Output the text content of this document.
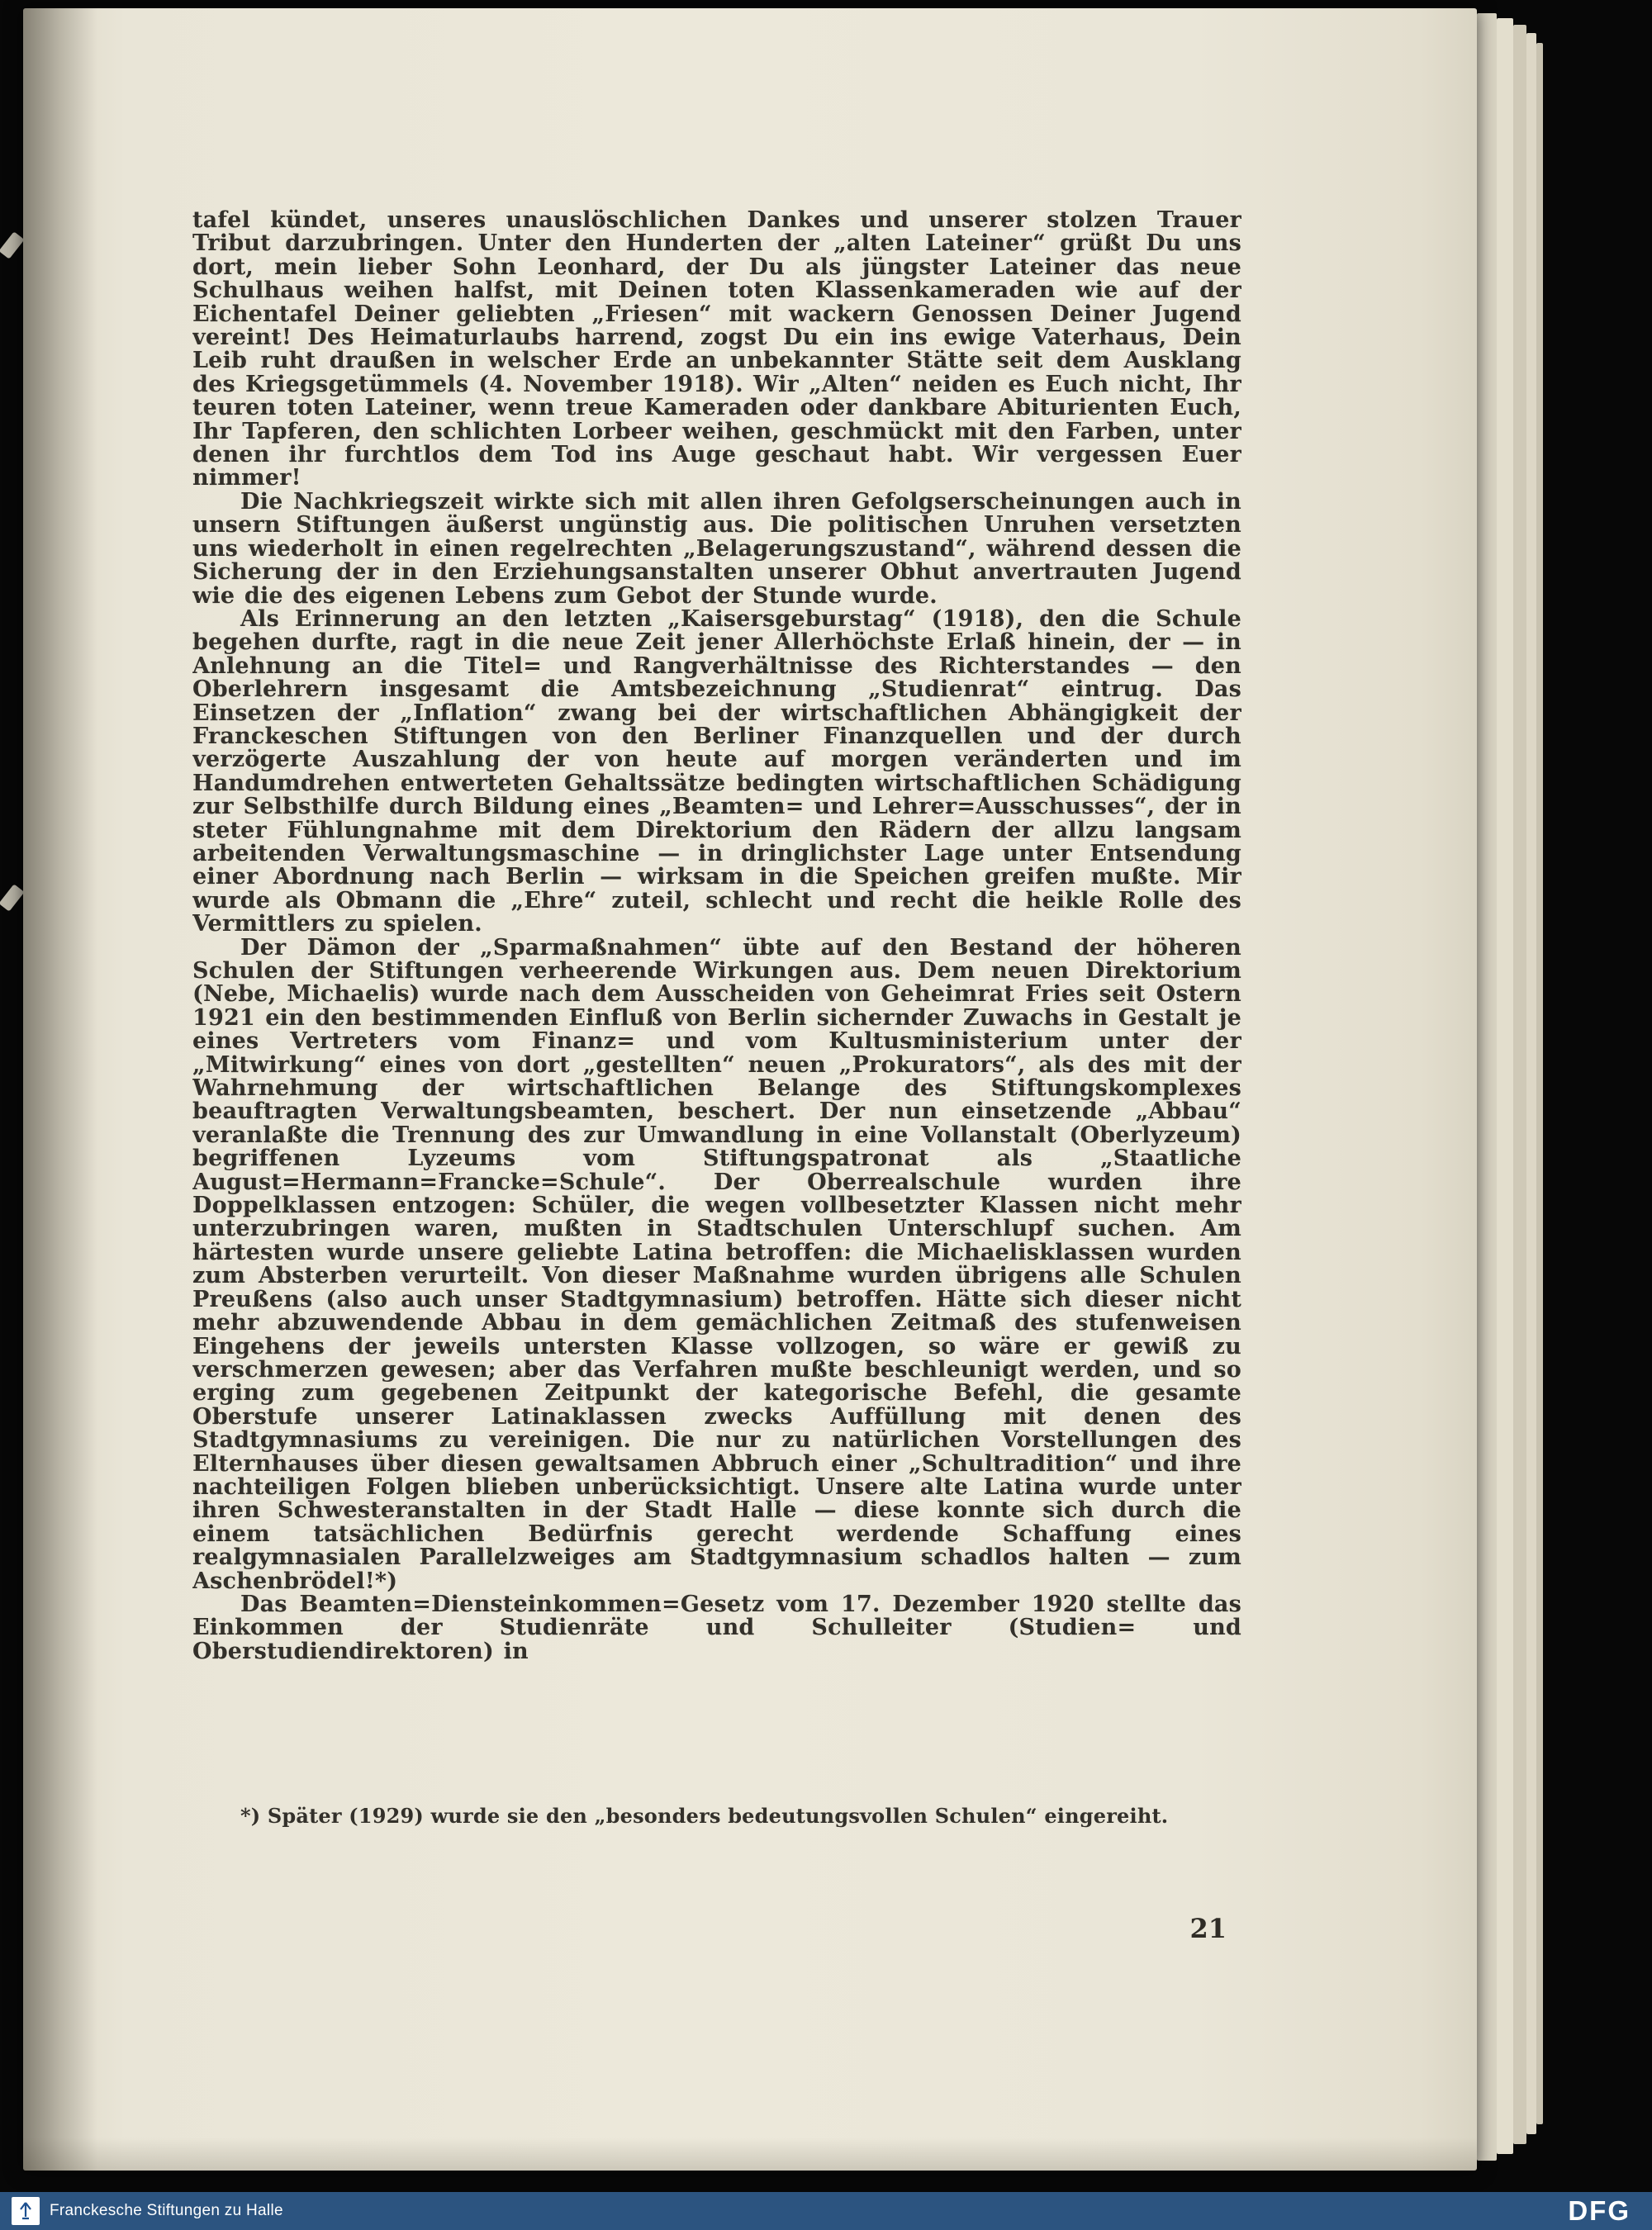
tafel kündet, unseres unauslöschlichen Dankes und unserer stolzen Trauer Tribut darzubringen. Unter den Hunderten der „alten Lateiner“ grüßt Du uns dort, mein lieber Sohn Leonhard, der Du als jüngster Lateiner das neue Schulhaus weihen halfst, mit Deinen toten Klassenkameraden wie auf der Eichentafel Deiner geliebten „Friesen“ mit wackern Genossen Deiner Jugend vereint! Des Heimaturlaubs harrend, zogst Du ein ins ewige Vaterhaus, Dein Leib ruht draußen in welscher Erde an unbekannter Stätte seit dem Ausklang des Kriegsgetümmels (4. November 1918). Wir „Alten“ neiden es Euch nicht, Ihr teuren toten Lateiner, wenn treue Kameraden oder dankbare Abiturienten Euch, Ihr Tapferen, den schlichten Lorbeer weihen, geschmückt mit den Farben, unter denen ihr furchtlos dem Tod ins Auge geschaut habt. Wir vergessen Euer nimmer!

Die Nachkriegszeit wirkte sich mit allen ihren Gefolgserscheinungen auch in unsern Stiftungen äußerst ungünstig aus. Die politischen Unruhen versetzten uns wiederholt in einen regelrechten „Belagerungszustand“, während dessen die Sicherung der in den Erziehungsanstalten unserer Obhut anvertrauten Jugend wie die des eigenen Lebens zum Gebot der Stunde wurde.

Als Erinnerung an den letzten „Kaisersgeburstag“ (1918), den die Schule begehen durfte, ragt in die neue Zeit jener Allerhöchste Erlaß hinein, der — in Anlehnung an die Titel= und Rangverhältnisse des Richterstandes — den Oberlehrern insgesamt die Amtsbezeichnung „Studienrat“ eintrug. Das Einsetzen der „Inflation“ zwang bei der wirtschaftlichen Abhängigkeit der Franckeschen Stiftungen von den Berliner Finanzquellen und der durch verzögerte Auszahlung der von heute auf morgen veränderten und im Handumdrehen entwerteten Gehaltssätze bedingten wirtschaftlichen Schädigung zur Selbsthilfe durch Bildung eines „Beamten= und Lehrer=Ausschusses“, der in steter Fühlungnahme mit dem Direktorium den Rädern der allzu langsam arbeitenden Verwaltungsmaschine — in dringlichster Lage unter Entsendung einer Abordnung nach Berlin — wirksam in die Speichen greifen mußte. Mir wurde als Obmann die „Ehre“ zuteil, schlecht und recht die heikle Rolle des Vermittlers zu spielen.

Der Dämon der „Sparmaßnahmen“ übte auf den Bestand der höheren Schulen der Stiftungen verheerende Wirkungen aus. Dem neuen Direktorium (Nebe, Michaelis) wurde nach dem Ausscheiden von Geheimrat Fries seit Ostern 1921 ein den bestimmenden Einfluß von Berlin sichernder Zuwachs in Gestalt je eines Vertreters vom Finanz= und vom Kultusministerium unter der „Mitwirkung“ eines von dort „gestellten“ neuen „Prokurators“, als des mit der Wahrnehmung der wirtschaftlichen Belange des Stiftungskomplexes beauftragten Verwaltungsbeamten, beschert. Der nun einsetzende „Abbau“ veranlaßte die Trennung des zur Umwandlung in eine Vollanstalt (Oberlyzeum) begriffenen Lyzeums vom Stiftungspatronat als „Staatliche August=Hermann=Francke=Schule“. Der Oberrealschule wurden ihre Doppelklassen entzogen: Schüler, die wegen vollbesetzter Klassen nicht mehr unterzubringen waren, mußten in Stadtschulen Unterschlupf suchen. Am härtesten wurde unsere geliebte Latina betroffen: die Michaelisklassen wurden zum Absterben verurteilt. Von dieser Maßnahme wurden übrigens alle Schulen Preußens (also auch unser Stadtgymnasium) betroffen. Hätte sich dieser nicht mehr abzuwendende Abbau in dem gemächlichen Zeitmaß des stufenweisen Eingehens der jeweils untersten Klasse vollzogen, so wäre er gewiß zu verschmerzen gewesen; aber das Verfahren mußte beschleunigt werden, und so erging zum gegebenen Zeitpunkt der kategorische Befehl, die gesamte Oberstufe unserer Latinaklassen zwecks Auffüllung mit denen des Stadtgymnasiums zu vereinigen. Die nur zu natürlichen Vorstellungen des Elternhauses über diesen gewaltsamen Abbruch einer „Schultradition“ und ihre nachteiligen Folgen blieben unberücksichtigt. Unsere alte Latina wurde unter ihren Schwesteranstalten in der Stadt Halle — diese konnte sich durch die einem tatsächlichen Bedürfnis gerecht werdende Schaffung eines realgymnasialen Parallelzweiges am Stadtgymnasium schadlos halten — zum Aschenbrödel!*)

Das Beamten=Diensteinkommen=Gesetz vom 17. Dezember 1920 stellte das Einkommen der Studienräte und Schulleiter (Studien= und Oberstudiendirektoren) in

*) Später (1929) wurde sie den „besonders bedeutungsvollen Schulen“ eingereiht.
21
Franckesche Stiftungen zu Halle	DFG
